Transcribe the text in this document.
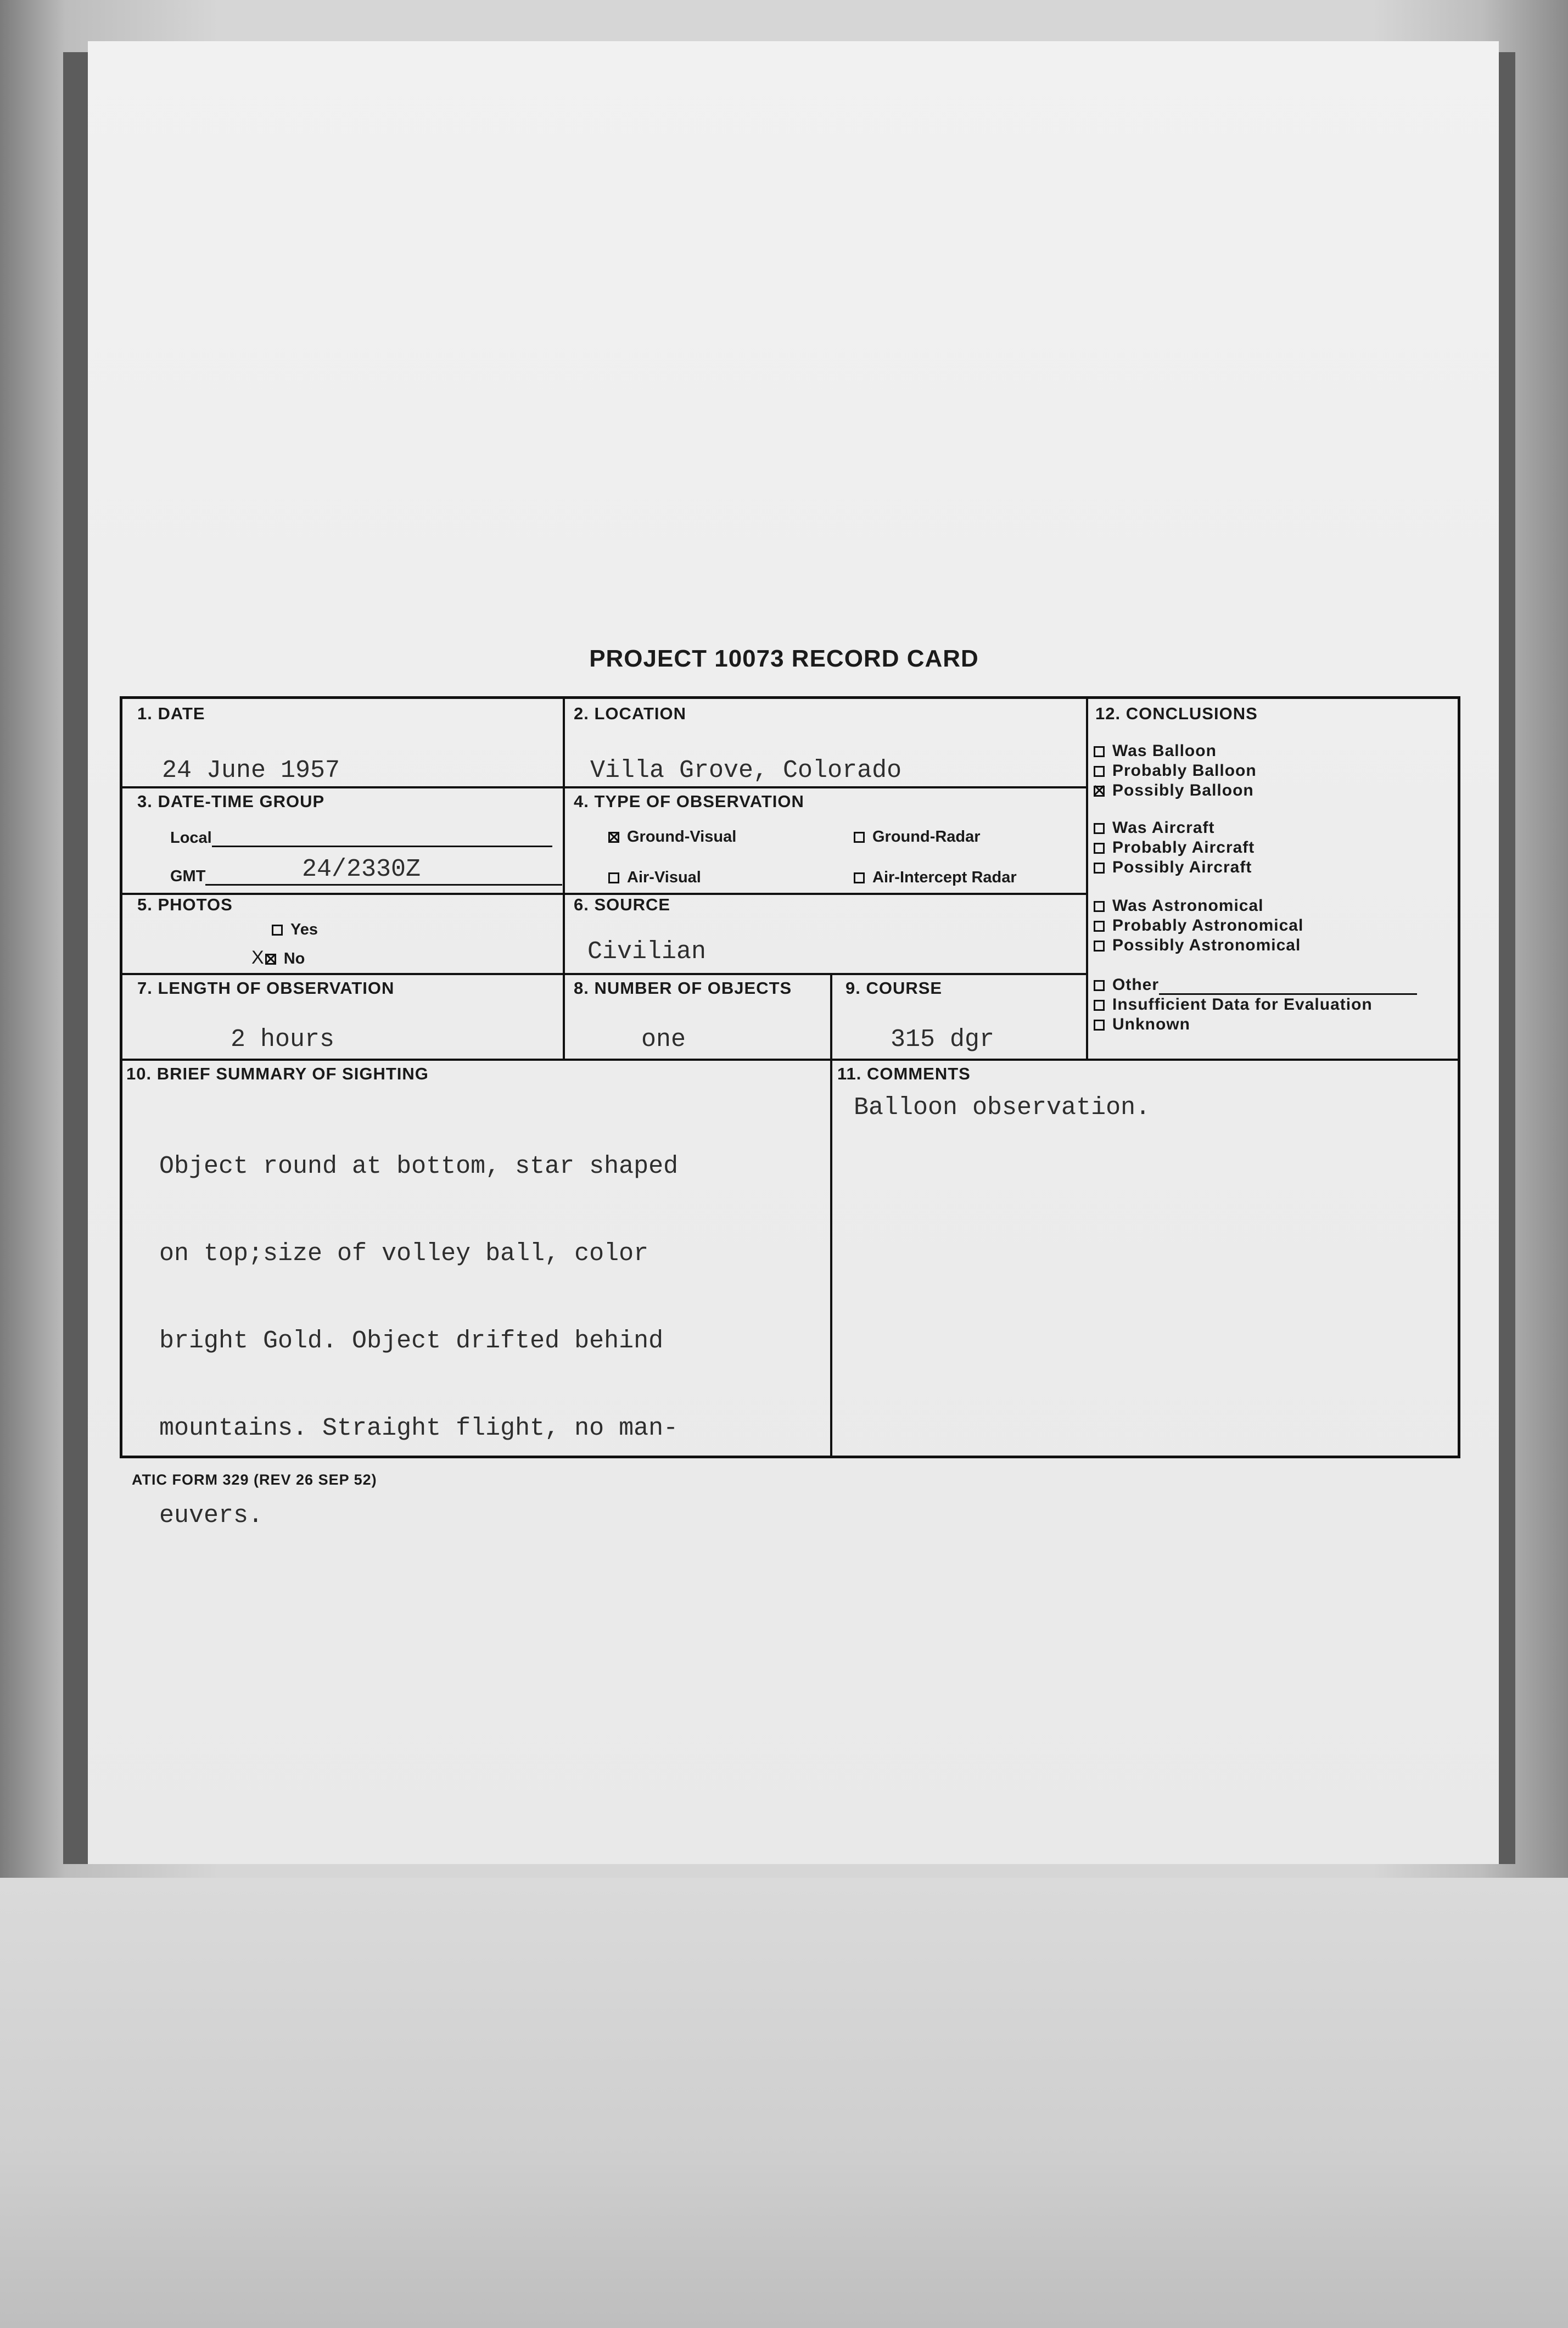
PROJECT 10073 RECORD CARD
1. DATE
24 June 1957
2. LOCATION
Villa Grove, Colorado
3. DATE-TIME GROUP
Local
GMT	24/2330Z
4. TYPE OF OBSERVATION
✕Ground-Visual	Ground-Radar
Air-Visual	Air-Intercept Radar
5. PHOTOS
Yes
X✕ No
6. SOURCE
Civilian
7. LENGTH OF OBSERVATION
2 hours
8. NUMBER OF OBJECTS
one
9. COURSE
315 dgr
10. BRIEF SUMMARY OF SIGHTING

Object round at bottom, star shaped

on top;size of volley ball, color

bright Gold. Object drifted behind

mountains. Straight flight, no man-

euvers.

11. COMMENTS
Balloon observation.
12. CONCLUSIONS
Was Balloon
Probably Balloon
✕Possibly Balloon
Was Aircraft
Probably Aircraft
Possibly Aircraft
Was Astronomical
Probably Astronomical
Possibly Astronomical
Other
Insufficient Data for Evaluation
Unknown
ATIC FORM 329 (REV 26 SEP 52)
